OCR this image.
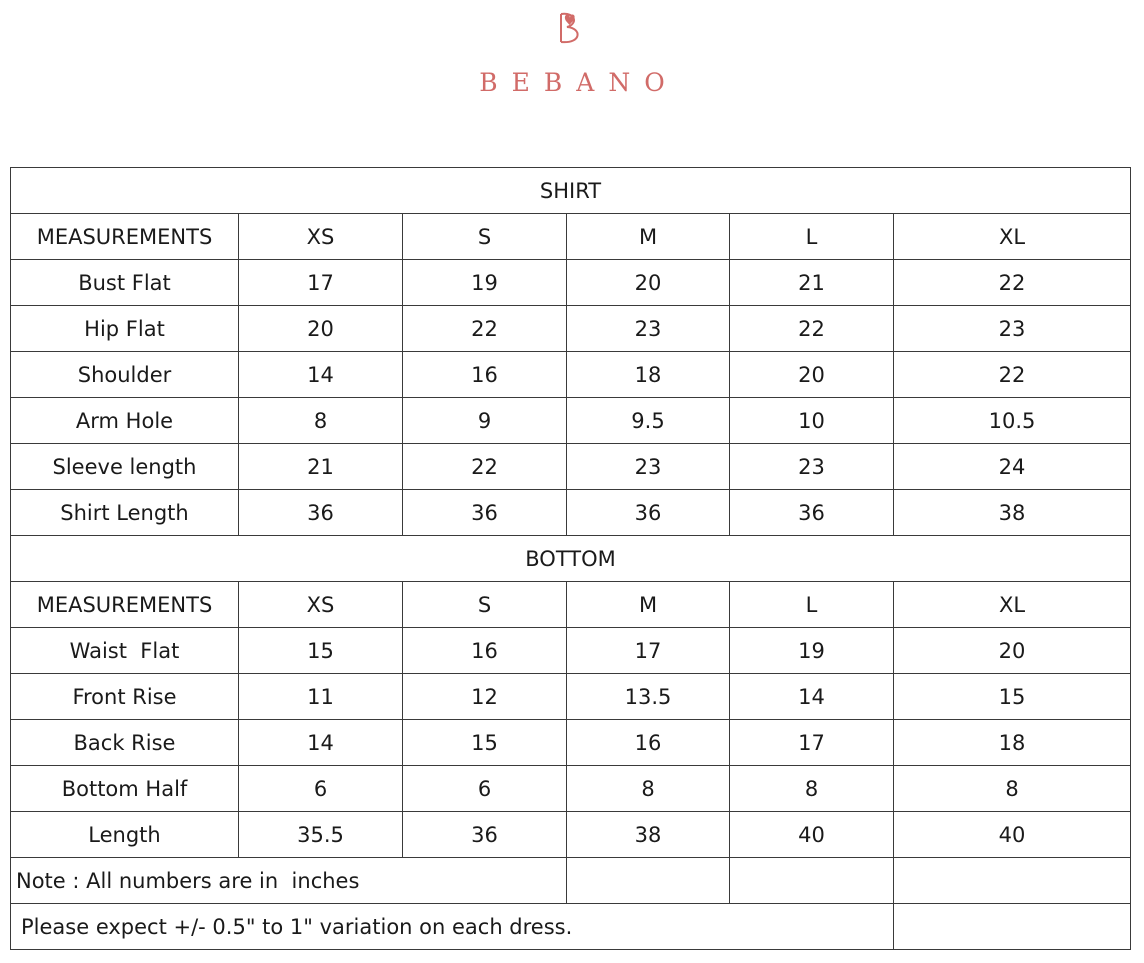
BEBANO
SHIRT					
MEASUREMENTS	XS	S	M	L	XL
Bust Flat	17	19	20	21	22
Hip Flat	20	22	23	22	23
Shoulder	14	16	18	20	22
Arm Hole	8	9	9.5	10	10.5
Sleeve length	21	22	23	23	24
Shirt Length	36	36	36	36	38
BOTTOM					
MEASUREMENTS	XS	S	M	L	XL
Waist  Flat	15	16	17	19	20
Front Rise	11	12	13.5	14	15
Back Rise	14	15	16	17	18
Bottom Half	6	6	8	8	8
Length	35.5	36	38	40	40
Note : All numbers are in  inches					
Please expect +/- 0.5" to 1" variation on each dress.					
